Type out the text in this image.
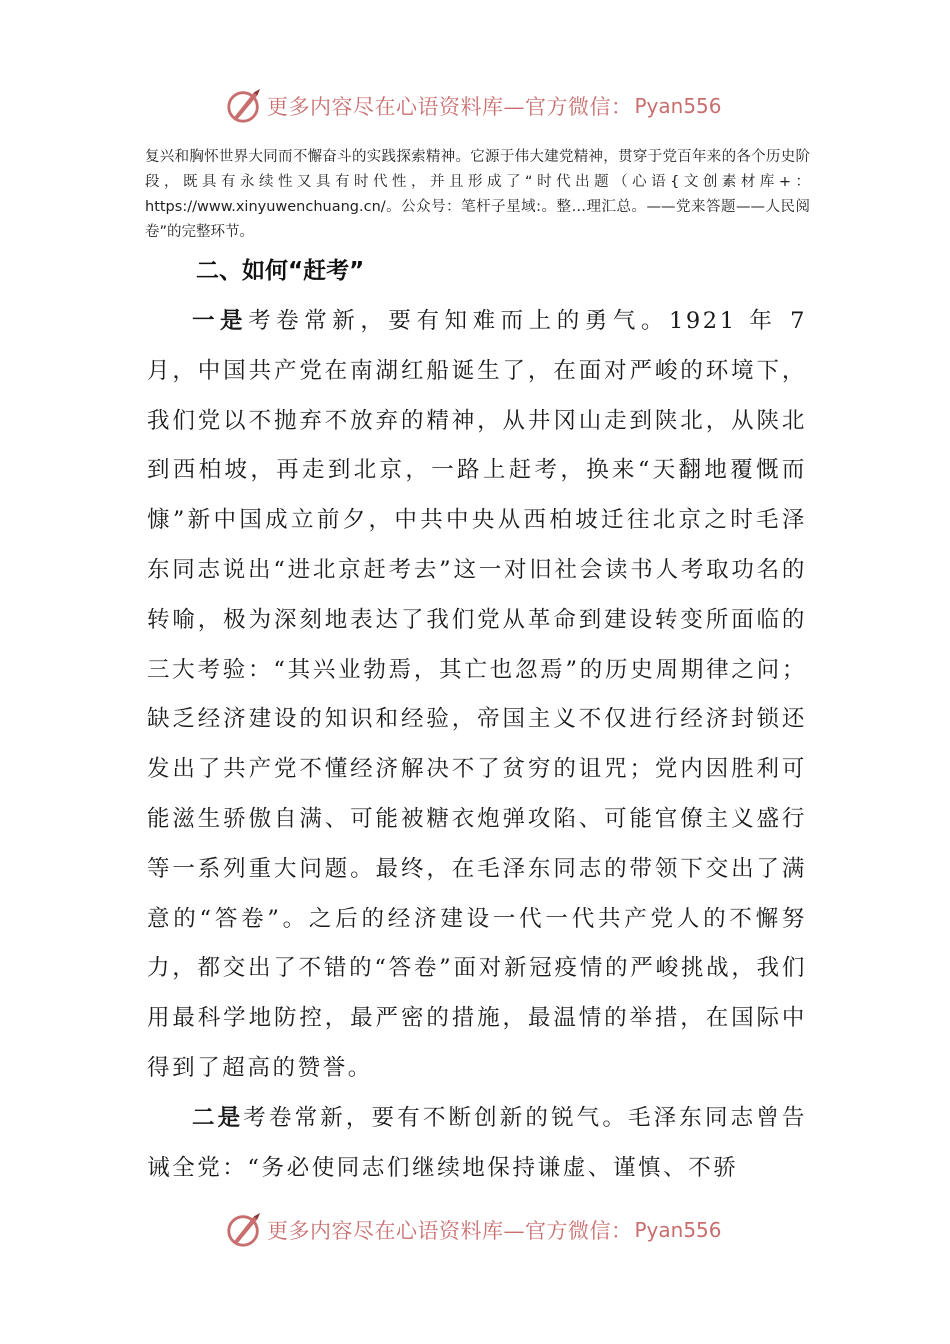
更多内容尽在心语资料库—官方微信： Pyan556
复兴和胸怀世界大同而不懈奋斗的实践探索精神。它源于伟大建党精神，贯穿于党百年来的各个历史阶段，既具有永续性又具有时代性，并且形成了“时代出题（心语{文创素材库+：https://www.xinyuwenchuang.cn/。公众号：笔杆子星域:。整…理汇总。——党来答题——人民阅卷”的完整环节。
二、如何“赶考”

一是考卷常新，要有知难而上的勇气。1921 年 7 月，中国共产党在南湖红船诞生了，在面对严峻的环境下，我们党以不抛弃不放弃的精神，从井冈山走到陕北，从陕北到西柏坡，再走到北京，一路上赶考，换来“天翻地覆慨而慷”新中国成立前夕，中共中央从西柏坡迁往北京之时毛泽东同志说出“进北京赶考去”这一对旧社会读书人考取功名的转喻，极为深刻地表达了我们党从革命到建设转变所面临的三大考验：“其兴业勃焉，其亡也忽焉”的历史周期律之问；缺乏经济建设的知识和经验，帝国主义不仅进行经济封锁还发出了共产党不懂经济解决不了贫穷的诅咒；党内因胜利可能滋生骄傲自满、可能被糖衣炮弹攻陷、可能官僚主义盛行等一系列重大问题。最终，在毛泽东同志的带领下交出了满意的“答卷”。之后的经济建设一代一代共产党人的不懈努力，都交出了不错的“答卷”面对新冠疫情的严峻挑战，我们用最科学地防控，最严密的措施，最温情的举措，在国际中得到了超高的赞誉。

二是考卷常新，要有不断创新的锐气。毛泽东同志曾告诫全党：“务必使同志们继续地保持谦虚、谨慎、不骄

更多内容尽在心语资料库—官方微信： Pyan556
